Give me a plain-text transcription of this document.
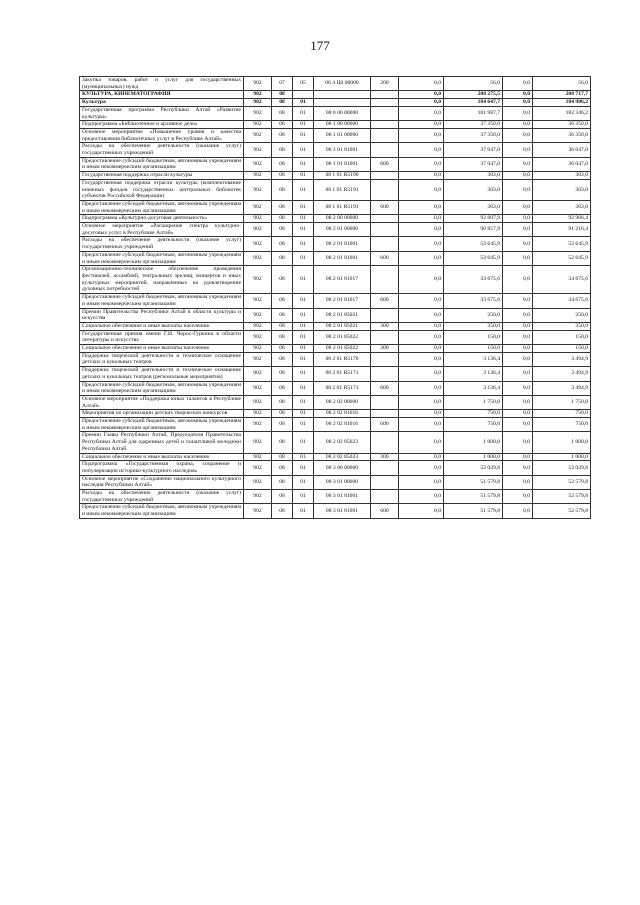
177
Закупка товаров, работ и услуг для государственных (муниципальных) нужд	902	07	05	06 4 Ц0 00000	200	0,0	56,0	0,0	56,0
КУЛЬТУРА, КИНЕМАТОГРАФИЯ	902	08				0,0	208 275,5	0,0	208 717,7
Культура	902	08	01			0,0	184 647,7	0,0	184 986,2
Государственная программа Республики Алтай «Развитие культуры»	902	08	01	08 0 00 00000		0,0	181 987,7	0,0	182 346,2
Подпрограмма «Библиотечное и архивное дело»	902	08	01	08 1 00 00000		0,0	37 350,0	0,0	36 350,0
Основное мероприятие «Повышение уровня и качества предоставления библиотечных услуг в Республике Алтай»	902	08	01	08 1 01 00000		0,0	37 350,0	0,0	36 350,0
Расходы на обеспечение деятельности (оказание услуг) государственных учреждений	902	08	01	08 1 01 81001		0,0	37 047,0	0,0	36 047,0
Предоставление субсидий бюджетным, автономным учреждениям и иным некоммерческим организациям	902	08	01	08 1 01 81001	600	0,0	37 047,0	0,0	36 047,0
Государственная поддержка отрасли культуры	902	08	01	08 1 01 R5190		0,0	303,0	0,0	303,0
Государственная поддержка отрасли культуры (комплектование книжных фондов государственных центральных библиотек субъектов Российской Федерации)	902	08	01	08 1 01 R5191		0,0	303,0	0,0	303,0
Предоставление субсидий бюджетным, автономным учреждениям и иным некоммерческим организациям	902	08	01	08 1 01 R5191	600	0,0	303,0	0,0	303,0
Подпрограмма «Культурно-досуговая деятельность»	902	08	01	08 2 00 00000		0,0	92 607,9	0,0	92 966,4
Основное мероприятие «Расширение спектра культурно-досуговых услуг в Республике Алтай»	902	08	01	08 2 01 00000		0,0	90 857,9	0,0	91 216,4
Расходы на обеспечение деятельности (оказание услуг) государственных учреждений	902	08	01	08 2 01 81001		0,0	53 645,9	0,0	52 645,9
Предоставление субсидий бюджетным, автономным учреждениям и иным некоммерческим организациям	902	08	01	08 2 01 81001	600	0,0	53 645,9	0,0	52 645,9
Организационно-техническое обеспечение проведения фестивалей, ассамблей, театральных зрелищ, концертов и иных культурных мероприятий, направленных на удовлетворение духовных потребностей	902	08	01	08 2 01 81017		0,0	33 675,6	0,0	34 675,6
Предоставление субсидий бюджетным, автономным учреждениям и иным некоммерческим организациям	902	08	01	08 2 01 81017	600	0,0	33 675,6	0,0	34 675,6
Премии Правительства Республики Алтай в области культуры и искусства	902	08	01	08 2 01 85021		0,0	250,0	0,0	250,0
Социальное обеспечение и иные выплаты населению	902	08	01	08 2 01 85021	300	0,0	250,0	0,0	250,0
Государственная премия имени Г.И. Чорос-Гуркина в области литературы и искусства	902	08	01	08 2 01 85022		0,0	150,0	0,0	150,0
Социальное обеспечение и иные выплаты населению	902	08	01	08 2 01 85022	300	0,0	150,0	0,0	150,0
Поддержка творческой деятельности и техническое оснащение детских и кукольных театров	902	08	01	08 2 01 R5170		0,0	3 136,4	0,0	3 494,9
Поддержка творческой деятельности и техническое оснащение детских и кукольных театров (региональные мероприятия)	902	08	01	08 2 01 R5171		0,0	3 136,4	0,0	3 494,9
Предоставление субсидий бюджетным, автономным учреждениям и иным некоммерческим организациям	902	08	01	08 2 01 R5171	600	0,0	3 136,4	0,0	3 494,9
Основное мероприятие «Поддержка юных талантов в Республике Алтай»	902	08	01	08 2 02 00000		0,0	1 750,0	0,0	1 750,0
Мероприятия по организации детских творческих конкурсов	902	08	01	08 2 02 81016		0,0	750,0	0,0	750,0
Предоставление субсидий бюджетным, автономным учреждениям и иным некоммерческим организациям	902	08	01	08 2 02 81016	600	0,0	750,0	0,0	750,0
Премии Главы Республики Алтай, Председателя Правительства Республики Алтай для одаренных детей и талантливой молодежи Республики Алтай	902	08	01	08 2 02 85023		0,0	1 000,0	0,0	1 000,0
Социальное обеспечение и иные выплаты населению	902	08	01	08 2 02 85023	300	0,0	1 000,0	0,0	1 000,0
Подпрограмма «Государственная охрана, сохранение и популяризация историко-культурного наследия»	902	08	01	08 3 00 00000		0,0	52 029,8	0,0	53 029,8
Основное мероприятие «Сохранение национального культурного наследия Республики Алтай»	902	08	01	08 3 01 00000		0,0	51 579,8	0,0	52 579,8
Расходы на обеспечение деятельности (оказание услуг) государственных учреждений	902	08	01	08 3 01 81001		0,0	51 579,8	0,0	52 579,8
Предоставление субсидий бюджетным, автономным учреждениям и иным некоммерческим организациям	902	08	01	08 3 01 81001	600	0,0	51 579,8	0,0	52 579,8
